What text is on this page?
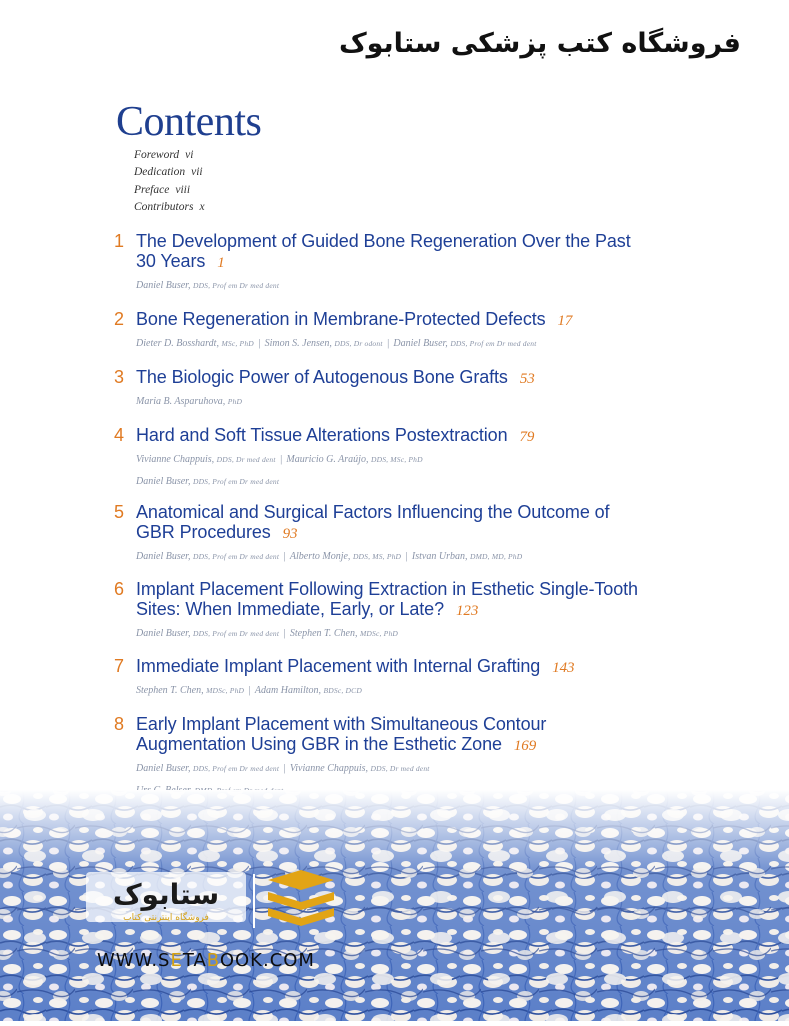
فروشگاه کتب پزشکی ستابوک
Contents
Foreword vi
Dedication vii
Preface viii
Contributors x
1 The Development of Guided Bone Regeneration Over the Past
30 Years 1
Daniel Buser, DDS, Prof em Dr med dent
2 Bone Regeneration in Membrane-Protected Defects 17
Dieter D. Bosshardt, MSc, PhD | Simon S. Jensen, DDS, Dr odont | Daniel Buser, DDS, Prof em Dr med dent
3 The Biologic Power of Autogenous Bone Grafts 53
Maria B. Asparuhova, PhD
4 Hard and Soft Tissue Alterations Postextraction 79
Vivianne Chappuis, DDS, Dr med dent | Mauricio G. Araújo, DDS, MSc, PhD
Daniel Buser, DDS, Prof em Dr med dent
5 Anatomical and Surgical Factors Influencing the Outcome of
GBR Procedures 93
Daniel Buser, DDS, Prof em Dr med dent | Alberto Monje, DDS, MS, PhD | Istvan Urban, DMD, MD, PhD
6 Implant Placement Following Extraction in Esthetic Single-Tooth
Sites: When Immediate, Early, or Late? 123
Daniel Buser, DDS, Prof em Dr med dent | Stephen T. Chen, MDSc, PhD
7 Immediate Implant Placement with Internal Grafting 143
Stephen T. Chen, MDSc, PhD | Adam Hamilton, BDSc, DCD
8 Early Implant Placement with Simultaneous Contour
Augmentation Using GBR in the Esthetic Zone 169
Daniel Buser, DDS, Prof em Dr med dent | Vivianne Chappuis, DDS, Dr med dent
ستابوک
فروشگاه اینترنتی کتاب
WWW.SETABOOK.COM
